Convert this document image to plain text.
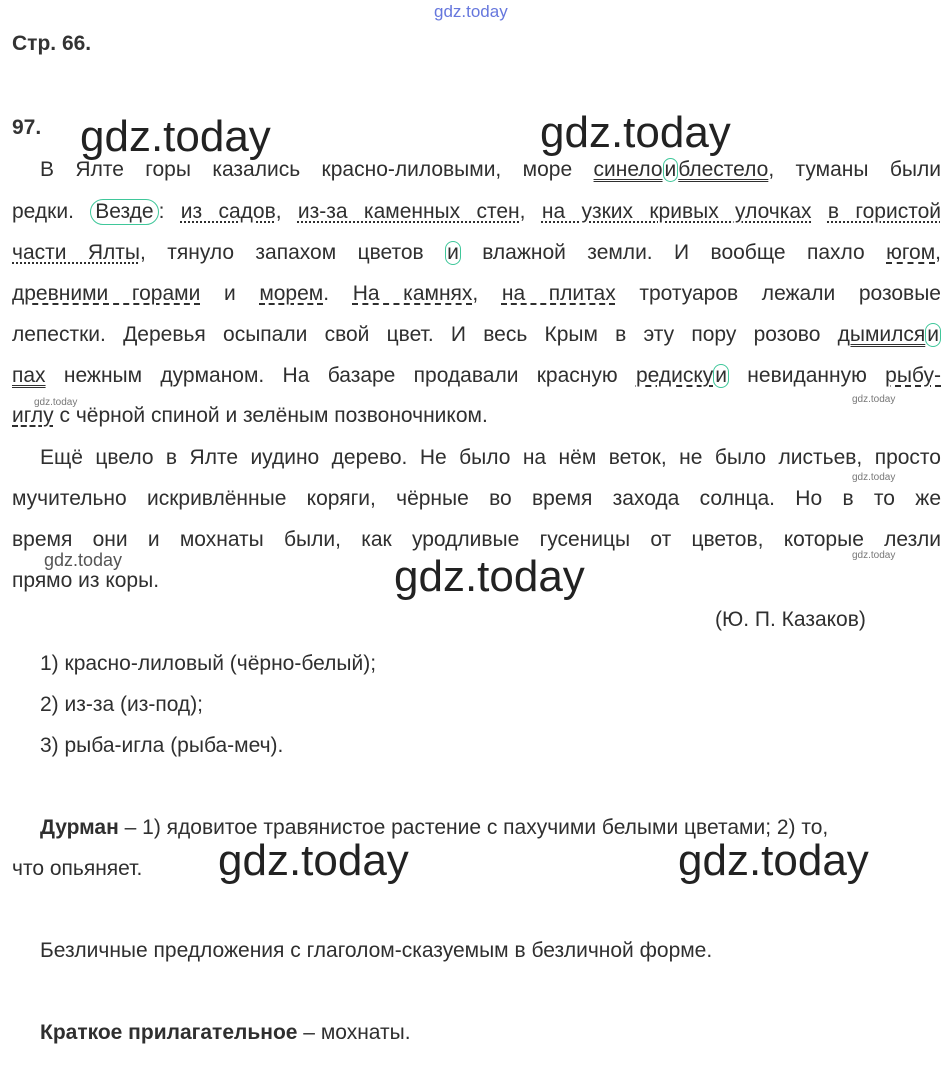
gdz.today
Стр. 66.
97. gdz.today	gdz.today
В Ялте горы казались красно-лиловыми, море синелоиблестело, туманы были
редки. Везде : из садов, из-за каменных стен, на узких кривых улочках в гористой
части Ялты, тянуло запахом цветов и влажной земли. И вообще пахло югом,
древними горами и морем. На камнях, на плитах тротуаров лежали розовые
лепестки. Деревья осыпали свой цвет. И весь Крым в эту пору розово дымилсяи
пах нежным дурманом. На базаре продавали красную редискуи невиданную рыбу-
иглу с чёрной спиной и зелёным позвоночником.
gdz.today	gdz.today
gdz.today
gdz.today
Ещё цвело в Ялте иудино дерево. Не было на нём веток, не было листьев, просто
мучительно искривлённые коряги, чёрные во время захода солнца. Но в то же
время они и мохнаты были, как уродливые гусеницы от цветов, которые лезли
прямо из коры.
gdz.today	gdz.today
(Ю. П. Казаков)
1) красно-лиловый (чёрно-белый);
2) из-за (из-под);
3) рыба-игла (рыба-меч).
Дурман – 1) ядовитое травянистое растение с пахучими белыми цветами; 2) то,
что опьяняет.	gdz.today	gdz.today
Безличные предложения с глаголом-сказуемым в безличной форме.
Краткое прилагательное – мохнаты.
